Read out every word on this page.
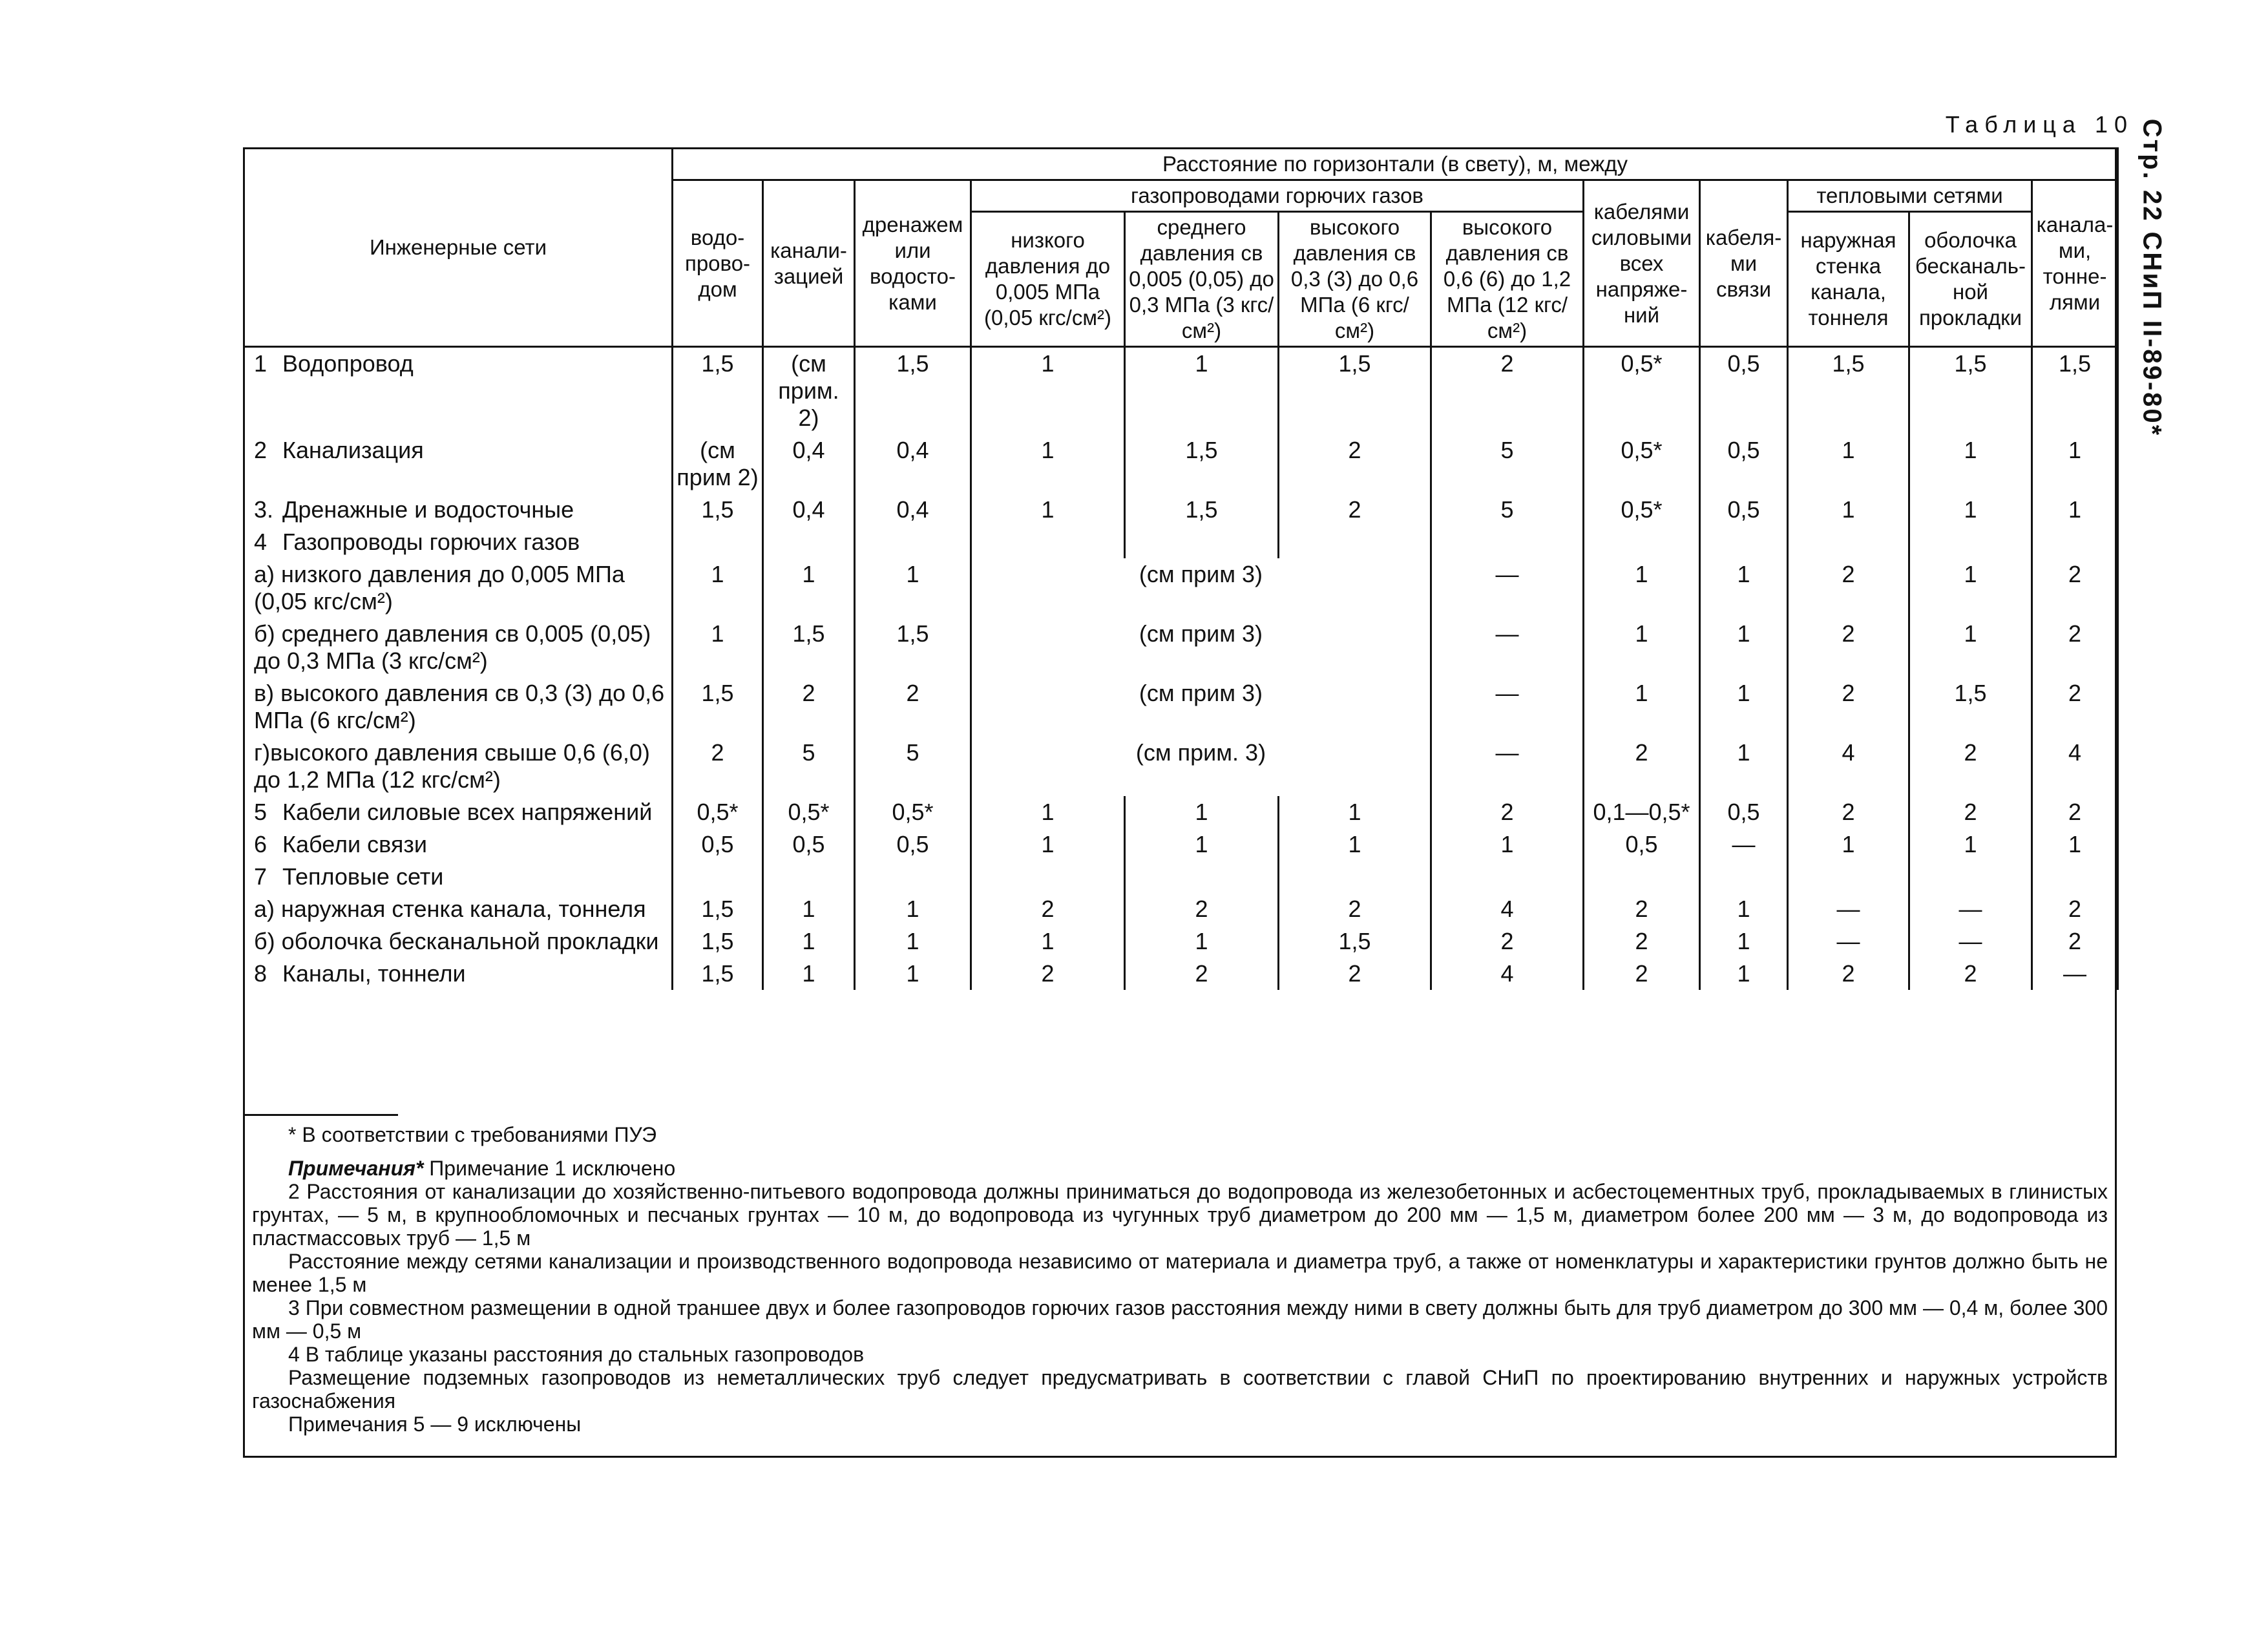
Таблица 10 Стр. 22 СНиП II-89-80*
Инженерные сети	Расстояние по горизонтали (в свету), м, между											
	водо-прово-дом	канали-зацией	дренажем или водосто-ками	газопроводами горючих газов				кабелями силовыми всех напряже-ний	кабеля-ми связи	тепловыми сетями		канала-ми, тонне-лями
				низкого давления до 0,005 МПа (0,05 кгс/см²)	среднего давления св 0,005 (0,05) до 0,3 МПа (3 кгс/см²)	высокого давления св 0,3 (3) до 0,6 МПа (6 кгс/см²)	высокого давления св 0,6 (6) до 1,2 МПа (12 кгс/см²)			наружная стенка канала, тоннеля	оболочка бесканаль-ной прокладки	
1 Водопровод	1,5	(см прим. 2)	1,5	1	1	1,5	2	0,5*	0,5	1,5	1,5	1,5
2 Канализация	(см прим 2)	0,4	0,4	1	1,5	2	5	0,5*	0,5	1	1	1
3. Дренажные и водосточные	1,5	0,4	0,4	1	1,5	2	5	0,5*	0,5	1	1	1
4 Газопроводы горючих газов												
а) низкого давления до 0,005 МПа (0,05 кгс/см²)	1	1	1	(см прим 3)			—	1	1	2	1	2
б) среднего давления св 0,005 (0,05) до 0,3 МПа (3 кгс/см²)	1	1,5	1,5	(см прим 3)			—	1	1	2	1	2
в) высокого давления св 0,3 (3) до 0,6 МПа (6 кгс/см²)	1,5	2	2	(см прим 3)			—	1	1	2	1,5	2
г)высокого давления свыше 0,6 (6,0) до 1,2 МПа (12 кгс/см²)	2	5	5	(см прим. 3)			—	2	1	4	2	4
5 Кабели силовые всех напряжений	0,5*	0,5*	0,5*	1	1	1	2	0,1—0,5*	0,5	2	2	2
6 Кабели связи	0,5	0,5	0,5	1	1	1	1	0,5	—	1	1	1
7 Тепловые сети												
а) наружная стенка канала, тоннеля	1,5	1	1	2	2	2	4	2	1	—	—	2
б) оболочка бесканальной прокладки	1,5	1	1	1	1	1,5	2	2	1	—	—	2
8 Каналы, тоннели	1,5	1	1	2	2	2	4	2	1	2	2	—
* В соответствии с требованиями ПУЭ

Примечания* Примечание 1 исключено

2 Расстояния от канализации до хозяйственно-питьевого водопровода должны приниматься до водопровода из железобетонных и асбестоцементных труб, прокладываемых в глинистых грунтах, — 5 м, в крупнообломочных и песчаных грунтах — 10 м, до водопровода из чугунных труб диаметром до 200 мм — 1,5 м, диаметром более 200 мм — 3 м, до водопровода из пластмассовых труб — 1,5 м

Расстояние между сетями канализации и производственного водопровода независимо от материала и диаметра труб, а также от номенклатуры и характеристики грунтов должно быть не менее 1,5 м

3 При совместном размещении в одной траншее двух и более газопроводов горючих газов расстояния между ними в свету должны быть для труб диаметром до 300 мм — 0,4 м, более 300 мм — 0,5 м

4 В таблице указаны расстояния до стальных газопроводов

Размещение подземных газопроводов из неметаллических труб следует предусматривать в соответствии с главой СНиП по проектированию внутренних и наружных устройств газоснабжения

Примечания 5 — 9 исключены
